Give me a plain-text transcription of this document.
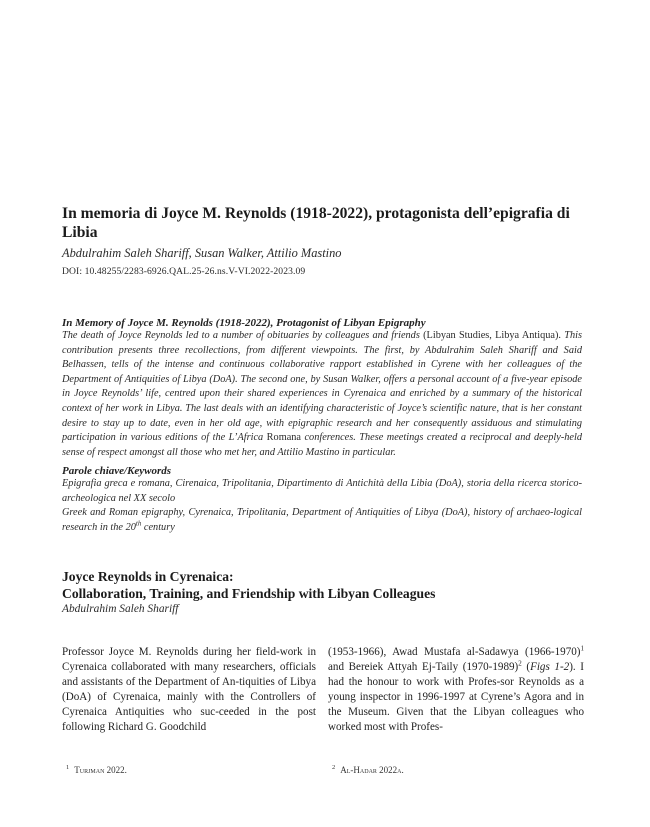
In memoria di Joyce M. Reynolds (1918-2022), protagonista dell’epigrafia di Libia
Abdulrahim Saleh Shariff, Susan Walker, Attilio Mastino
DOI: 10.48255/2283-6926.QAL.25-26.ns.V-VI.2022-2023.09
In Memory of Joyce M. Reynolds (1918-2022), Protagonist of Libyan Epigraphy
The death of Joyce Reynolds led to a number of obituaries by colleagues and friends (Libyan Studies, Libya Antiqua). This contribution presents three recollections, from different viewpoints. The first, by Abdulrahim Saleh Shariff and Said Belhassen, tells of the intense and continuous collaborative rapport established in Cyrene with her colleagues of the Department of Antiquities of Libya (DoA). The second one, by Susan Walker, offers a personal account of a five-year episode in Joyce Reynolds’ life, centred upon their shared experiences in Cyrenaica and enriched by a summary of the historical context of her work in Libya. The last deals with an identifying characteristic of Joyce’s scientific nature, that is her constant desire to stay up to date, even in her old age, with epigraphic research and her consequently assiduous and stimulating participation in various editions of the L’Africa Romana conferences. These meetings created a reciprocal and deeply-held sense of respect amongst all those who met her, and Attilio Mastino in particular.
Parole chiave/Keywords

Epigrafia greca e romana, Cirenaica, Tripolitania, Dipartimento di Antichità della Libia (DoA), storia della ricerca storico-archeologica nel XX secolo

Greek and Roman epigraphy, Cyrenaica, Tripolitania, Department of Antiquities of Libya (DoA), history of archaeo-logical research in the 20th century

Joyce Reynolds in Cyrenaica:
Collaboration, Training, and Friendship with Libyan Colleagues
Abdulrahim Saleh Shariff
Professor Joyce M. Reynolds during her field-work in Cyrenaica collaborated with many researchers, officials and assistants of the Department of An-tiquities of Libya (DoA) of Cyrenaica, mainly with the Controllers of Cyrenaica Antiquities who suc-ceeded in the post following Richard G. Goodchild
(1953-1966), Awad Mustafa al-Sadawya (1966-1970)$^1$ and Bereiek Attyah Ej-Taily (1970-1989)$^2$ (Figs 1-2). I had the honour to work with Profes-sor Reynolds as a young inspector in 1996-1997 at Cyrene’s Agora and in the Museum. Given that the Libyan colleagues who worked most with Profes-
$^1$ Turjman 2022.	$^2$ Al-Hadar 2022a.
